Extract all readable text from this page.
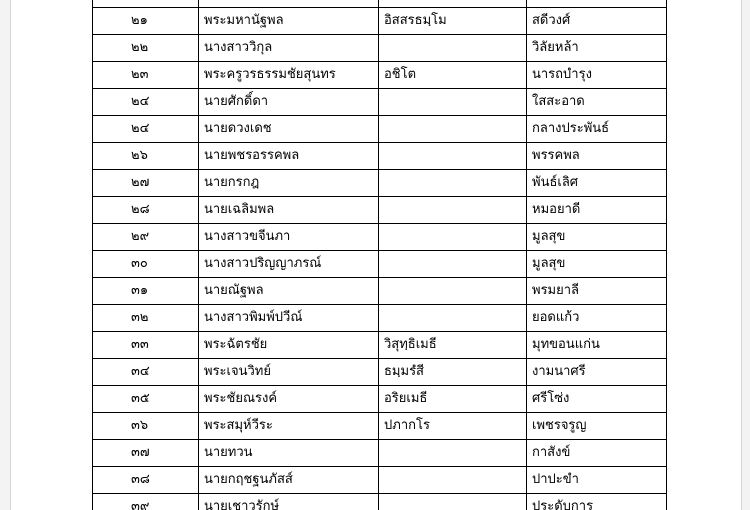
๒๑	พระมหานัฐพล	อิสสรธมฺโม	สดีวงศ์
๒๒	นางสาววิกุล		วิลัยหล้า
๒๓	พระครูวรธรรมชัยสุนทร	อชิโต	นารถบำรุง
๒๔	นายศักดิ์ดา		ใสสะอาด
๒๔	นายดวงเดช		กลางประพันธ์
๒๖	นายพชรอรรคพล		พรรคพล
๒๗	นายกรกฎ		พันธ์เลิศ
๒๘	นายเฉลิมพล		หมอยาดี
๒๙	นางสาวขจีนภา		มูลสุข
๓๐	นางสาวปริญญาภรณ์		มูลสุข
๓๑	นายณัฐพล		พรมยาลี
๓๒	นางสาวพิมพ์ปวีณ์		ยอดแก้ว
๓๓	พระฉัตรชัย	วิสุทฺธิเมธี	มุทขอนแก่น
๓๔	พระเจนวิทย์	ธมฺมรํสี	งามนาศรี
๓๕	พระชัยณรงค์	อริยเมธี	ศรีโซ่ง
๓๖	พระสมุห์วีระ	ปภากโร	เพชรจรูญ
๓๗	นายทวน		กาสังข์
๓๘	นายกฤชฐนภัสส์		ปาปะขำ
๓๙	นายเชาวรักษ์		ประดับการ
